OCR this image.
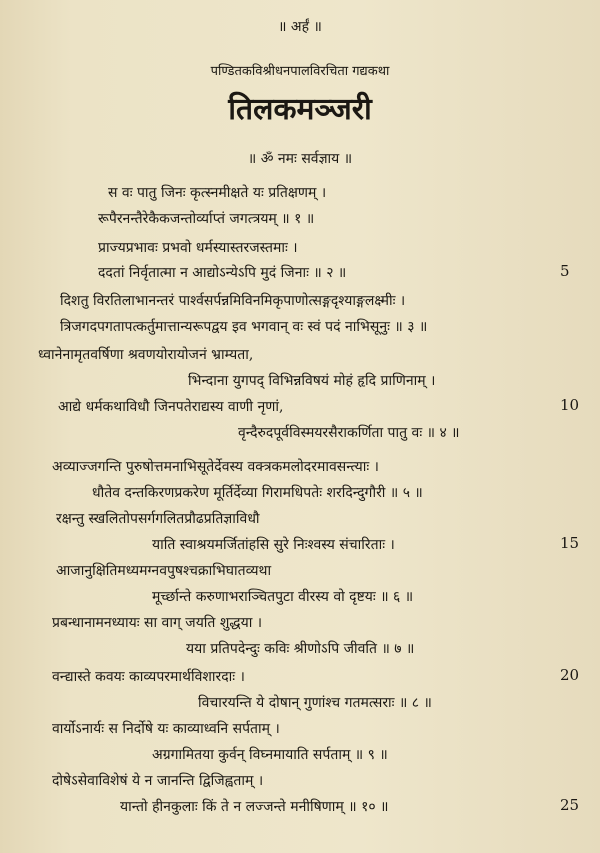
॥ अर्हं ॥
पण्डितकविश्रीधनपालविरचिता गद्यकथा
तिलकमञ्जरी
॥ ॐ नमः सर्वज्ञाय ॥
स वः पातु जिनः कृत्स्नमीक्षते यः प्रतिक्षणम् ।
रूपैरनन्तैरेकैकजन्तोर्व्याप्तं जगत्त्रयम् ॥ १ ॥
प्राज्यप्रभावः प्रभवो धर्मस्यास्तरजस्तमाः ।
ददतां निर्वृतात्मा न आद्योऽन्येऽपि मुदं जिनाः ॥ २ ॥	5
दिशतु विरतिलाभानन्तरं पार्श्वसर्पन्नमिविनमिकृपाणोत्सङ्गदृश्याङ्गलक्ष्मीः ।
त्रिजगदपगतापत्कर्तुमात्तान्यरूपद्वय इव भगवान् वः स्वं पदं नाभिसूनुः ॥ ३ ॥
ध्वानेनामृतवर्षिणा श्रवणयोरायोजनं भ्राम्यता,
भिन्दाना युगपद् विभिन्नविषयं मोहं हृदि प्राणिनाम् ।
आद्ये धर्मकथाविधौ जिनपतेराद्यस्य वाणी नृणां,	10
वृन्दैरुदपूर्वविस्मयरसैराकर्णिता पातु वः ॥ ४ ॥
अव्याज्जगन्ति पुरुषोत्तमनाभिसूतेर्देवस्य वक्त्रकमलोदरमावसन्त्याः ।
धौतेव दन्तकिरणप्रकरेण मूर्तिर्देव्या गिरामधिपतेः शरदिन्दुगौरी ॥ ५ ॥
रक्षन्तु स्खलितोपसर्गगलितप्रौढप्रतिज्ञाविधौ
याति स्वाश्रयमर्जितांहसि सुरे निःश्वस्य संचारिताः ।	15
आजानुक्षितिमध्यमग्नवपुषश्चक्राभिघातव्यथा
मूर्च्छान्ते करुणाभराञ्चितपुटा वीरस्य वो दृष्टयः ॥ ६ ॥
प्रबन्धानामनध्यायः सा वाग् जयति शुद्धया ।
यया प्रतिपदेन्दुः कविः श्रीणोऽपि जीवति ॥ ७ ॥
वन्द्यास्ते कवयः काव्यपरमार्थविशारदाः ।	20
विचारयन्ति ये दोषान् गुणांश्च गतमत्सराः ॥ ८ ॥
वार्योऽनार्यः स निर्दोषे यः काव्याध्वनि सर्पताम् ।
अग्रगामितया कुर्वन् विघ्नमायाति सर्पताम् ॥ ९ ॥
दोषेऽसेवाविशेषं ये न जानन्ति द्विजिह्वताम् ।
यान्तो हीनकुलाः किं ते न लज्जन्ते मनीषिणाम् ॥ १० ॥	25
